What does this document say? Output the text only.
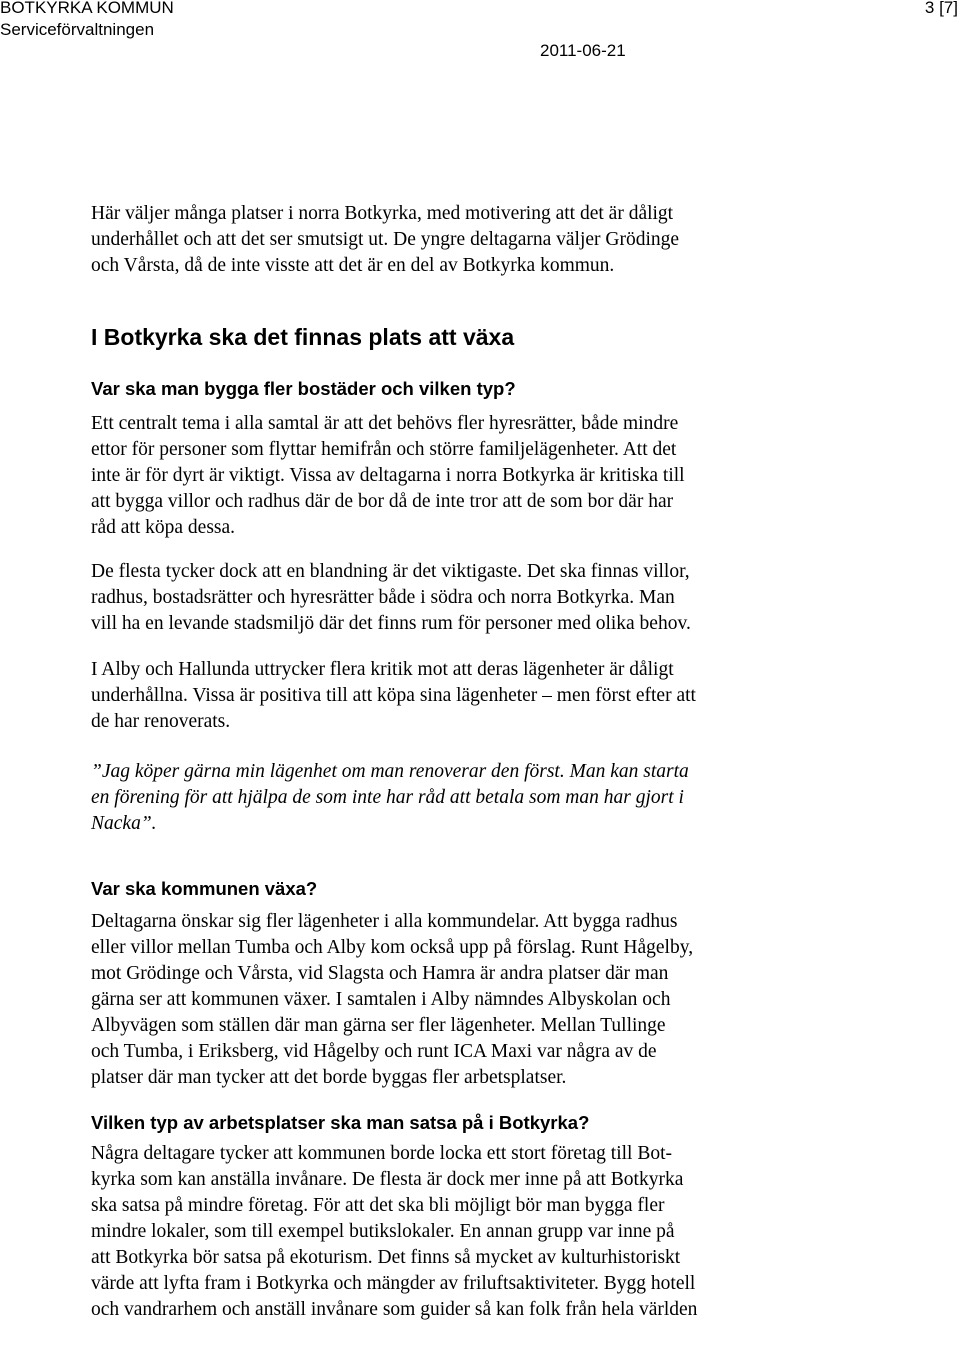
BOTKYRKA KOMMUN
Serviceförvaltningen
2011-06-21
3 [7]
Här väljer många platser i norra Botkyrka, med motivering att det är dåligt
underhållet och att det ser smutsigt ut. De yngre deltagarna väljer Grödinge
och Vårsta, då de inte visste att det är en del av Botkyrka kommun.
I Botkyrka ska det finnas plats att växa
Var ska man bygga fler bostäder och vilken typ?
Ett centralt tema i alla samtal är att det behövs fler hyresrätter, både mindre
ettor för personer som flyttar hemifrån och större familjelägenheter. Att det
inte är för dyrt är viktigt. Vissa av deltagarna i norra Botkyrka är kritiska till
att bygga villor och radhus där de bor då de inte tror att de som bor där har
råd att köpa dessa.
De flesta tycker dock att en blandning är det viktigaste. Det ska finnas villor,
radhus, bostadsrätter och hyresrätter både i södra och norra Botkyrka. Man
vill ha en levande stadsmiljö där det finns rum för personer med olika behov.
I Alby och Hallunda uttrycker flera kritik mot att deras lägenheter är dåligt
underhållna. Vissa är positiva till att köpa sina lägenheter – men först efter att
de har renoverats.
”Jag köper gärna min lägenhet om man renoverar den först. Man kan starta
en förening för att hjälpa de som inte har råd att betala som man har gjort i
Nacka”.
Var ska kommunen växa?
Deltagarna önskar sig fler lägenheter i alla kommundelar. Att bygga radhus
eller villor mellan Tumba och Alby kom också upp på förslag. Runt Hågelby,
mot Grödinge och Vårsta, vid Slagsta och Hamra är andra platser där man
gärna ser att kommunen växer. I samtalen i Alby nämndes Albyskolan och
Albyvägen som ställen där man gärna ser fler lägenheter. Mellan Tullinge
och Tumba, i Eriksberg, vid Hågelby och runt ICA Maxi var några av de
platser där man tycker att det borde byggas fler arbetsplatser.
Vilken typ av arbetsplatser ska man satsa på i Botkyrka?
Några deltagare tycker att kommunen borde locka ett stort företag till Bot-
kyrka som kan anställa invånare. De flesta är dock mer inne på att Botkyrka
ska satsa på mindre företag. För att det ska bli möjligt bör man bygga fler
mindre lokaler, som till exempel butikslokaler. En annan grupp var inne på
att Botkyrka bör satsa på ekoturism. Det finns så mycket av kulturhistoriskt
värde att lyfta fram i Botkyrka och mängder av friluftsaktiviteter. Bygg hotell
och vandrarhem och anställ invånare som guider så kan folk från hela världen
